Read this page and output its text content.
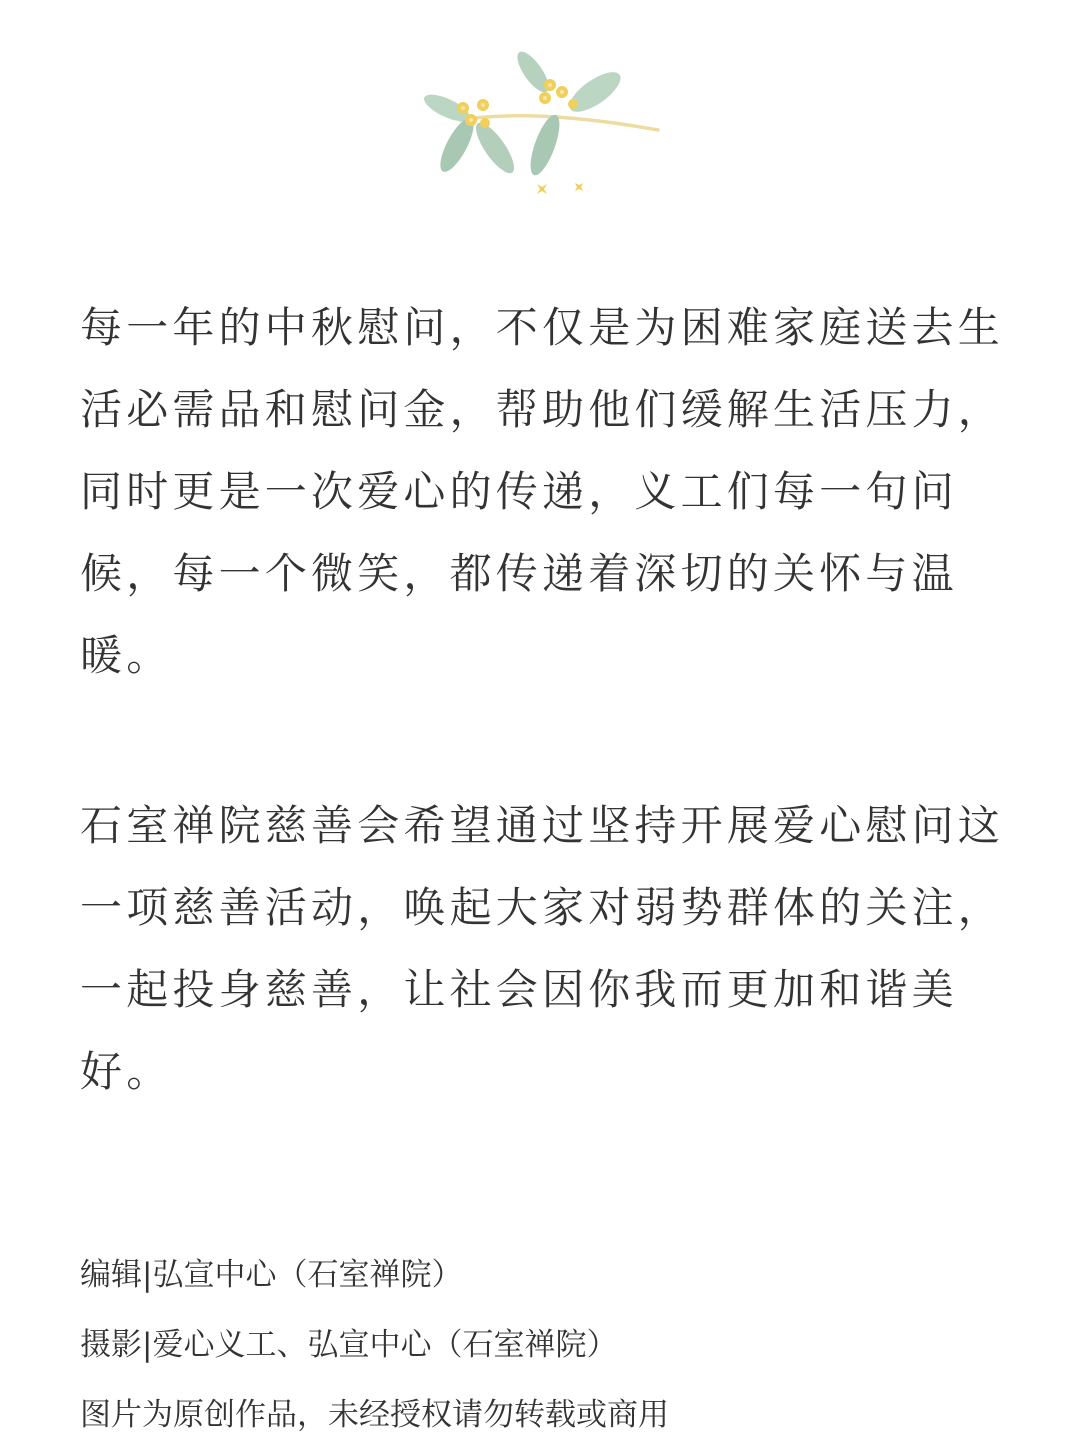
每一年的中秋慰问，不仅是为困难家庭送去生活必需品和慰问金，帮助他们缓解生活压力，同时更是一次爱心的传递，义工们每一句问候，每一个微笑，都传递着深切的关怀与温暖。

石室禅院慈善会希望通过坚持开展爱心慰问这一项慈善活动，唤起大家对弱势群体的关注，一起投身慈善，让社会因你我而更加和谐美好。

编辑|弘宣中心（石室禅院）

摄影|爱心义工、弘宣中心（石室禅院）

图片为原创作品，未经授权请勿转载或商用
